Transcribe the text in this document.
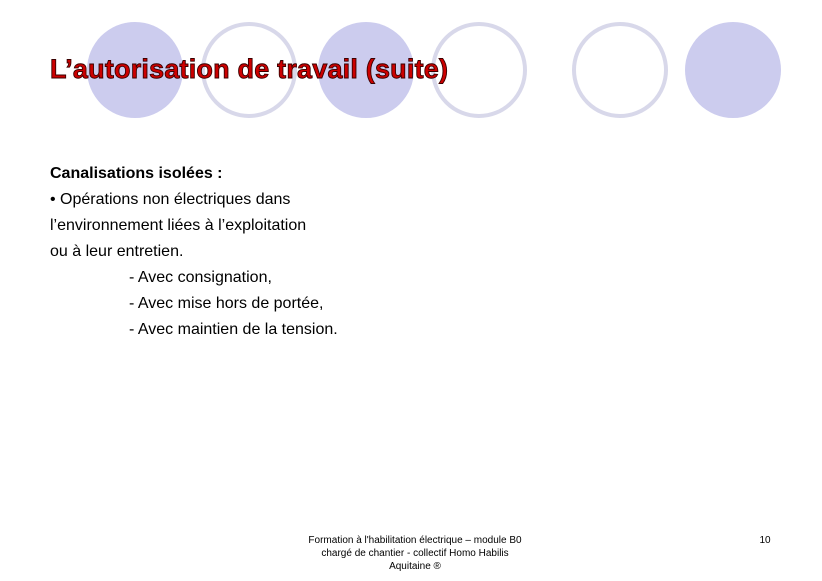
L’autorisation de travail (suite)
Canalisations isolées :
• Opérations non électriques dans
l’environnement liées à l’exploitation
ou à leur entretien.
- Avec consignation,
- Avec mise hors de portée,
- Avec maintien de la tension.
Formation à l'habilitation électrique – module B0
chargé de chantier - collectif Homo Habilis
Aquitaine ®
10
